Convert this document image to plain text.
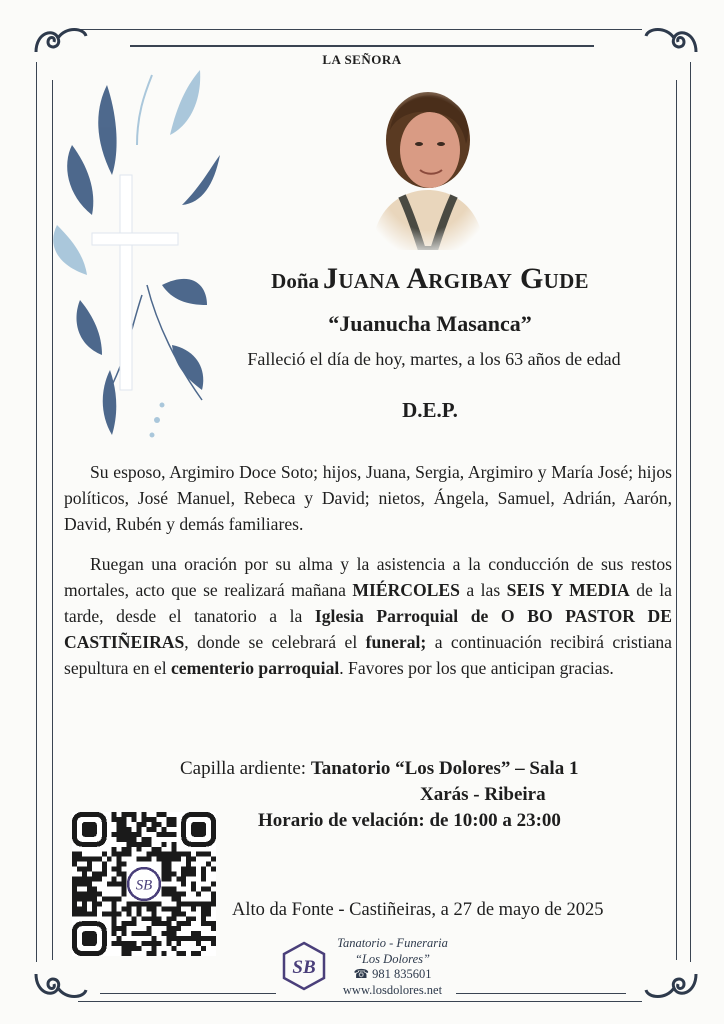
LA SEÑORA
Doña Juana Argibay Gude
“Juanucha Masanca”
Falleció el día de hoy, martes, a los 63 años de edad
D.E.P.
Su esposo, Argimiro Doce Soto; hijos, Juana, Sergia, Argimiro y María José; hijos políticos, José Manuel, Rebeca y David; nietos, Ángela, Samuel, Adrián, Aarón, David, Rubén y demás familiares.
Ruegan una oración por su alma y la asistencia a la conducción de sus restos mortales, acto que se realizará mañana MIÉRCOLES a las SEIS Y MEDIA de la tarde, desde el tanatorio a la Iglesia Parroquial de O BO PASTOR DE CASTIÑEIRAS, donde se celebrará el funeral; a continuación recibirá cristiana sepultura en el cementerio parroquial. Favores por los que anticipan gracias.
Capilla ardiente: Tanatorio “Los Dolores” – Sala 1
Xarás - Ribeira
Horario de velación: de 10:00 a 23:00
SB
Alto da Fonte - Castiñeiras, a 27 de mayo de 2025
SB
Tanatorio - Funeraria
“Los Dolores”
☎ 981 835601
www.losdolores.net
